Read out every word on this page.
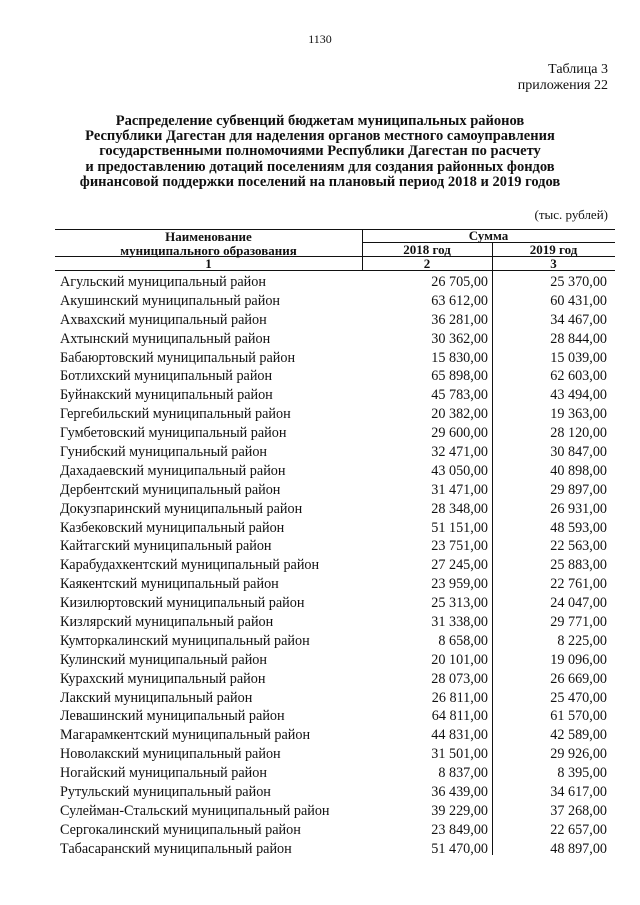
1130
Таблица 3
приложения 22
Распределение субвенций бюджетам муниципальных районов
Республики Дагестан для наделения органов местного самоуправления
государственными полномочиями Республики Дагестан по расчету
и предоставлению дотаций поселениям для создания районных фондов
финансовой поддержки поселений на плановый период 2018 и 2019 годов
(тыс. рублей)
Наименование
муниципального образования
Сумма
2018 год	2019 год
1	2	3
Агульский муниципальный район	26 705,00	25 370,00
Акушинский муниципальный район	63 612,00	60 431,00
Ахвахский муниципальный район	36 281,00	34 467,00
Ахтынский муниципальный район	30 362,00	28 844,00
Бабаюртовский муниципальный район	15 830,00	15 039,00
Ботлихский муниципальный район	65 898,00	62 603,00
Буйнакский муниципальный район	45 783,00	43 494,00
Гергебильский муниципальный район	20 382,00	19 363,00
Гумбетовский муниципальный район	29 600,00	28 120,00
Гунибский муниципальный район	32 471,00	30 847,00
Дахадаевский муниципальный район	43 050,00	40 898,00
Дербентский муниципальный район	31 471,00	29 897,00
Докузпаринский муниципальный район	28 348,00	26 931,00
Казбековский муниципальный район	51 151,00	48 593,00
Кайтагский муниципальный район	23 751,00	22 563,00
Карабудахкентский муниципальный район	27 245,00	25 883,00
Каякентский муниципальный район	23 959,00	22 761,00
Кизилюртовский муниципальный район	25 313,00	24 047,00
Кизлярский муниципальный район	31 338,00	29 771,00
Кумторкалинский муниципальный район	8 658,00	8 225,00
Кулинский муниципальный район	20 101,00	19 096,00
Курахский муниципальный район	28 073,00	26 669,00
Лакский муниципальный район	26 811,00	25 470,00
Левашинский муниципальный район	64 811,00	61 570,00
Магарамкентский муниципальный район	44 831,00	42 589,00
Новолакский муниципальный район	31 501,00	29 926,00
Ногайский муниципальный район	8 837,00	8 395,00
Рутульский муниципальный район	36 439,00	34 617,00
Сулейман-Стальский муниципальный район	39 229,00	37 268,00
Сергокалинский муниципальный район	23 849,00	22 657,00
Табасаранский муниципальный район	51 470,00	48 897,00
